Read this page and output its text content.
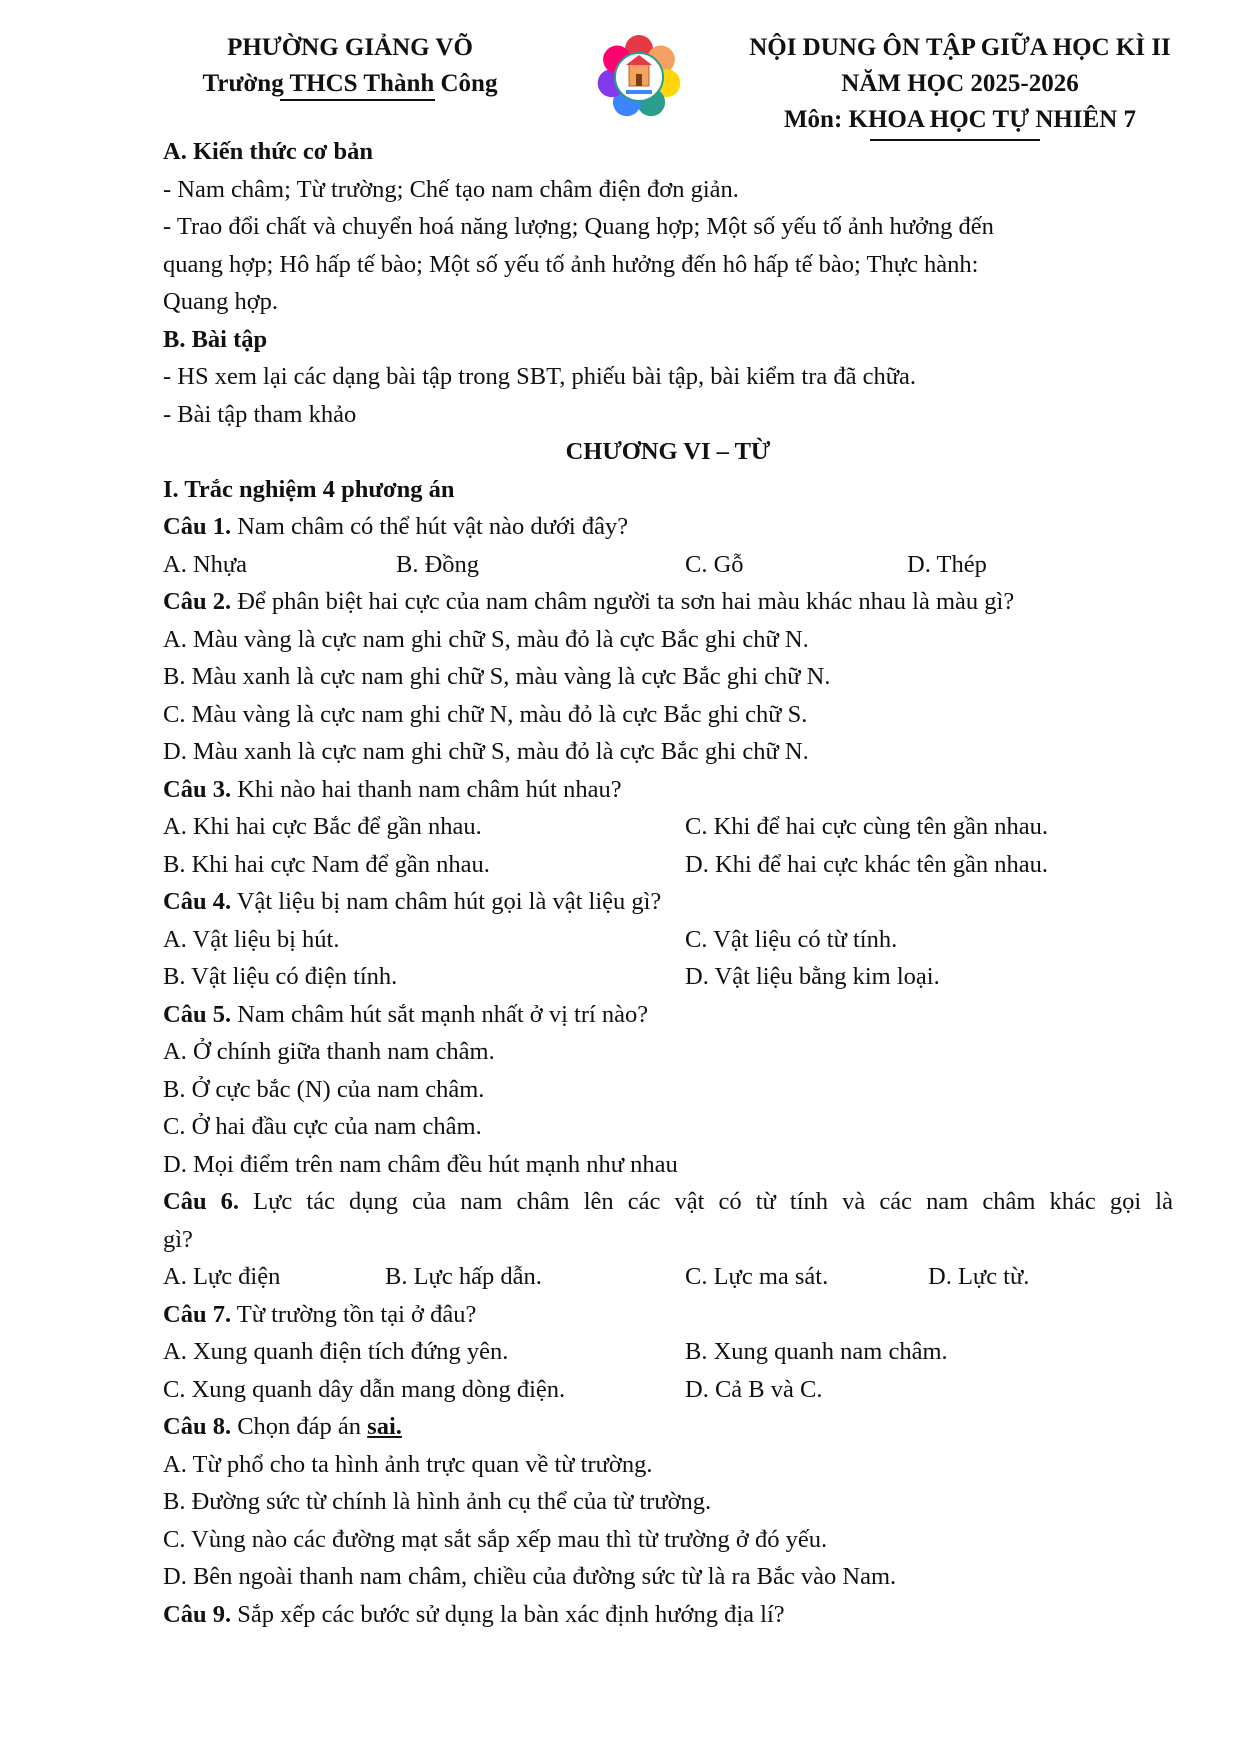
PHƯỜNG GIẢNG VÕ
Trường THCS Thành Công
NỘI DUNG ÔN TẬP GIỮA HỌC KÌ II
NĂM HỌC 2025-2026
Môn: KHOA HỌC TỰ NHIÊN 7

A. Kiến thức cơ bản

- Nam châm; Từ trường; Chế tạo nam châm điện đơn giản.

- Trao đổi chất và chuyển hoá năng lượng; Quang hợp; Một số yếu tố ảnh hưởng đến

quang hợp; Hô hấp tế bào; Một số yếu tố ảnh hưởng đến hô hấp tế bào; Thực hành:

Quang hợp.

B. Bài tập

- HS xem lại các dạng bài tập trong SBT, phiếu bài tập, bài kiểm tra đã chữa.

- Bài tập tham khảo

CHƯƠNG VI – TỪ

I. Trắc nghiệm 4 phương án

Câu 1. Nam châm có thể hút vật nào dưới đây?

A. Nhựa	B. Đồng	C. Gỗ	D. Thép

Câu 2. Để phân biệt hai cực của nam châm người ta sơn hai màu khác nhau là màu gì?

A. Màu vàng là cực nam ghi chữ S, màu đỏ là cực Bắc ghi chữ N.

B. Màu xanh là cực nam ghi chữ S, màu vàng là cực Bắc ghi chữ N.

C. Màu vàng là cực nam ghi chữ N, màu đỏ là cực Bắc ghi chữ S.

D. Màu xanh là cực nam ghi chữ S, màu đỏ là cực Bắc ghi chữ N.

Câu 3. Khi nào hai thanh nam châm hút nhau?

A. Khi hai cực Bắc để gần nhau.	C. Khi để hai cực cùng tên gần nhau.
B. Khi hai cực Nam để gần nhau.	D. Khi để hai cực khác tên gần nhau.

Câu 4. Vật liệu bị nam châm hút gọi là vật liệu gì?

A. Vật liệu bị hút.	C. Vật liệu có từ tính.
B. Vật liệu có điện tính.	D. Vật liệu bằng kim loại.

Câu 5. Nam châm hút sắt mạnh nhất ở vị trí nào?

A. Ở chính giữa thanh nam châm.

B. Ở cực bắc (N) của nam châm.

C. Ở hai đầu cực của nam châm.

D. Mọi điểm trên nam châm đều hút mạnh như nhau

Câu 6. Lực tác dụng của nam châm lên các vật có từ tính và các nam châm khác gọi là

gì?

A. Lực điện	B. Lực hấp dẫn.	C. Lực ma sát.	D. Lực từ.

Câu 7. Từ trường tồn tại ở đâu?

A. Xung quanh điện tích đứng yên.	B. Xung quanh nam châm.
C. Xung quanh dây dẫn mang dòng điện.	D. Cả B và C.

Câu 8. Chọn đáp án sai.

A. Từ phổ cho ta hình ảnh trực quan về từ trường.

B. Đường sức từ chính là hình ảnh cụ thể của từ trường.

C. Vùng nào các đường mạt sắt sắp xếp mau thì từ trường ở đó yếu.

D. Bên ngoài thanh nam châm, chiều của đường sức từ là ra Bắc vào Nam.

Câu 9. Sắp xếp các bước sử dụng la bàn xác định hướng địa lí?
